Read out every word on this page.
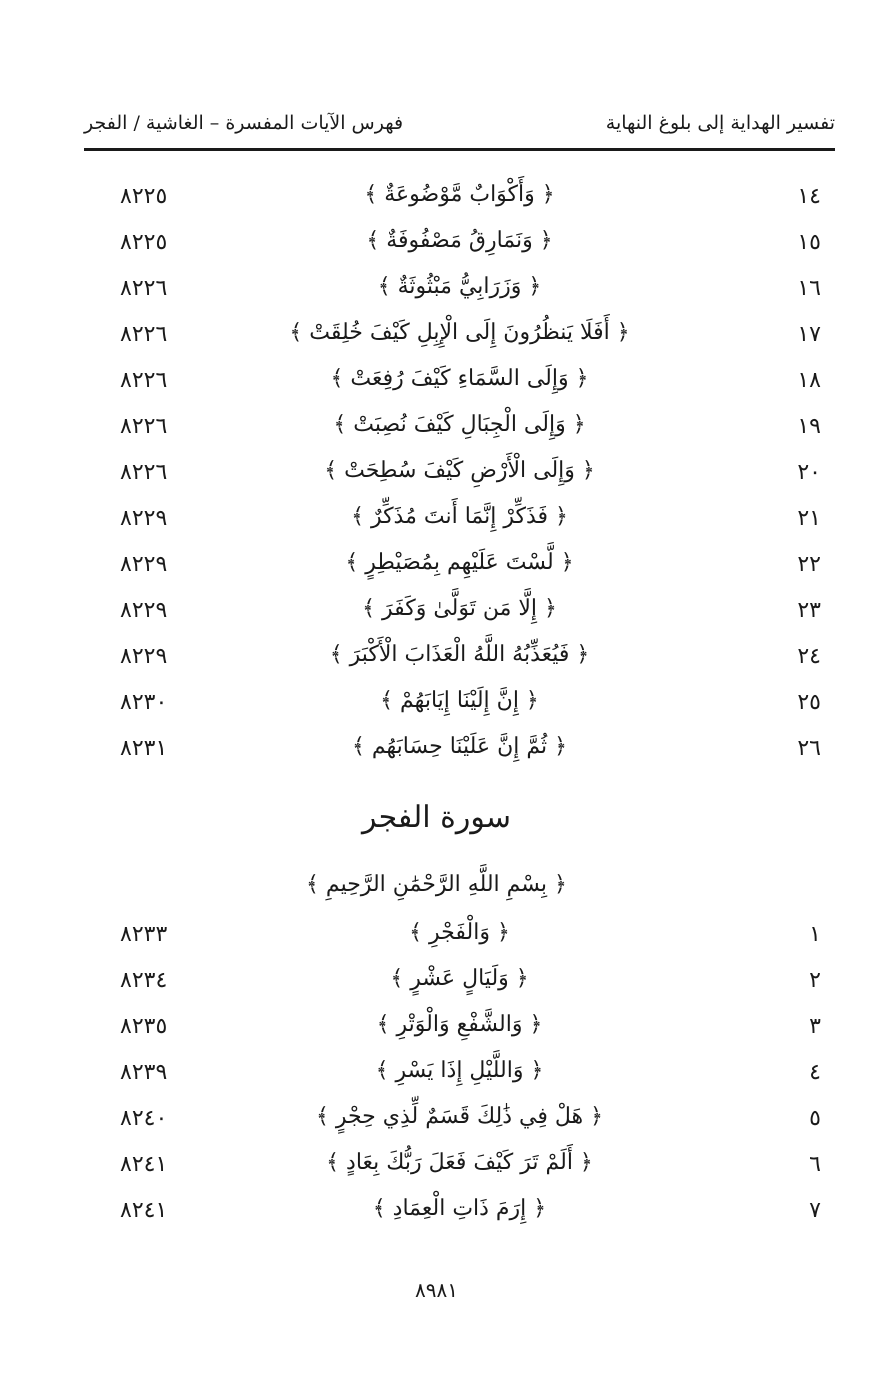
تفسير الهداية إلى بلوغ النهاية
فهرس الآيات المفسرة – الغاشية / الفجر
١٤
﴿ وَأَكْوَابٌ مَّوْضُوعَةٌ ﴾
٨٢٢٥
١٥
﴿ وَنَمَارِقُ مَصْفُوفَةٌ ﴾
٨٢٢٥
١٦
﴿ وَزَرَابِيُّ مَبْثُوثَةٌ ﴾
٨٢٢٦
١٧
﴿ أَفَلَا يَنظُرُونَ إِلَى الْإِبِلِ كَيْفَ خُلِقَتْ ﴾
٨٢٢٦
١٨
﴿ وَإِلَى السَّمَاءِ كَيْفَ رُفِعَتْ ﴾
٨٢٢٦
١٩
﴿ وَإِلَى الْجِبَالِ كَيْفَ نُصِبَتْ ﴾
٨٢٢٦
٢٠
﴿ وَإِلَى الْأَرْضِ كَيْفَ سُطِحَتْ ﴾
٨٢٢٦
٢١
﴿ فَذَكِّرْ إِنَّمَا أَنتَ مُذَكِّرٌ ﴾
٨٢٢٩
٢٢
﴿ لَّسْتَ عَلَيْهِم بِمُصَيْطِرٍ ﴾
٨٢٢٩
٢٣
﴿ إِلَّا مَن تَوَلَّىٰ وَكَفَرَ ﴾
٨٢٢٩
٢٤
﴿ فَيُعَذِّبُهُ اللَّهُ الْعَذَابَ الْأَكْبَرَ ﴾
٨٢٢٩
٢٥
﴿ إِنَّ إِلَيْنَا إِيَابَهُمْ ﴾
٨٢٣٠
٢٦
﴿ ثُمَّ إِنَّ عَلَيْنَا حِسَابَهُم ﴾
٨٢٣١
سورة الفجر
﴿ بِسْمِ اللَّهِ الرَّحْمَٰنِ الرَّحِيمِ ﴾
١
﴿ وَالْفَجْرِ ﴾
٨٢٣٣
٢
﴿ وَلَيَالٍ عَشْرٍ ﴾
٨٢٣٤
٣
﴿ وَالشَّفْعِ وَالْوَتْرِ ﴾
٨٢٣٥
٤
﴿ وَاللَّيْلِ إِذَا يَسْرِ ﴾
٨٢٣٩
٥
﴿ هَلْ فِي ذَٰلِكَ قَسَمٌ لِّذِي حِجْرٍ ﴾
٨٢٤٠
٦
﴿ أَلَمْ تَرَ كَيْفَ فَعَلَ رَبُّكَ بِعَادٍ ﴾
٨٢٤١
٧
﴿ إِرَمَ ذَاتِ الْعِمَادِ ﴾
٨٢٤١
٨٩٨١
